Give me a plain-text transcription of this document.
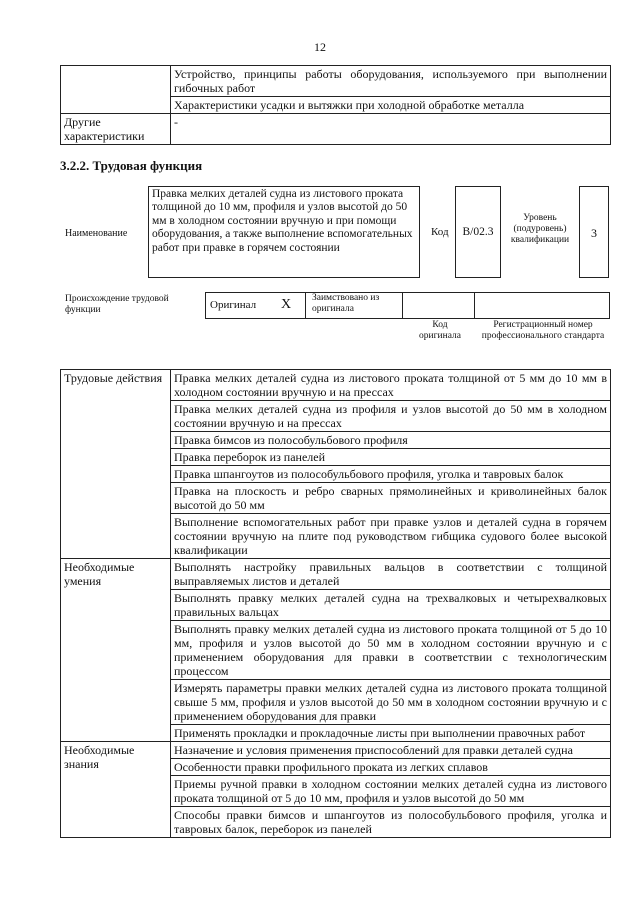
12
	Устройство, принципы работы оборудования, используемого при выполнении гибочных работ
	Характеристики усадки и вытяжки при холодной обработке металла
Другие характеристики	-
3.2.2. Трудовая функция
Наименование
Правка мелких деталей судна из листового проката толщиной до 10 мм, профиля и узлов высотой до 50 мм в холодном состоянии вручную и при помощи оборудования, а также выполнение вспомогательных работ при правке в горячем состоянии
Код	B/02.3
Уровень (подуровень) квалификации	3
Происхождение трудовой функции	Оригинал X Заимствовано из оригинала
Код оригинала
Регистрационный номер профессионального стандарта
Трудовые действия	Правка мелких деталей судна из листового проката толщиной от 5 мм до 10 мм в холодном состоянии вручную и на прессах
	Правка мелких деталей судна из профиля и узлов высотой до 50 мм в холодном состоянии вручную и на прессах
	Правка бимсов из полособульбового профиля
	Правка переборок из панелей
	Правка шпангоутов из полособульбового профиля, уголка и тавровых балок
	Правка на плоскость и ребро сварных прямолинейных и криволинейных балок высотой до 50 мм
	Выполнение вспомогательных работ при правке узлов и деталей судна в горячем состоянии вручную на плите под руководством гибщика судового более высокой квалификации
Необходимые умения	Выполнять настройку правильных вальцов в соответствии с толщиной выправляемых листов и деталей
	Выполнять правку мелких деталей судна на трехвалковых и четырехвалковых правильных вальцах
	Выполнять правку мелких деталей судна из листового проката толщиной от 5 до 10 мм, профиля и узлов высотой до 50 мм в холодном состоянии вручную и с применением оборудования для правки в соответствии с технологическим процессом
	Измерять параметры правки мелких деталей судна из листового проката толщиной свыше 5 мм, профиля и узлов высотой до 50 мм в холодном состоянии вручную и с применением оборудования для правки
	Применять прокладки и прокладочные листы при выполнении правочных работ
Необходимые знания	Назначение и условия применения приспособлений для правки деталей судна
	Особенности правки профильного проката из легких сплавов
	Приемы ручной правки в холодном состоянии мелких деталей судна из листового проката толщиной от 5 до 10 мм, профиля и узлов высотой до 50 мм
	Способы правки бимсов и шпангоутов из полособульбового профиля, уголка и тавровых балок, переборок из панелей
